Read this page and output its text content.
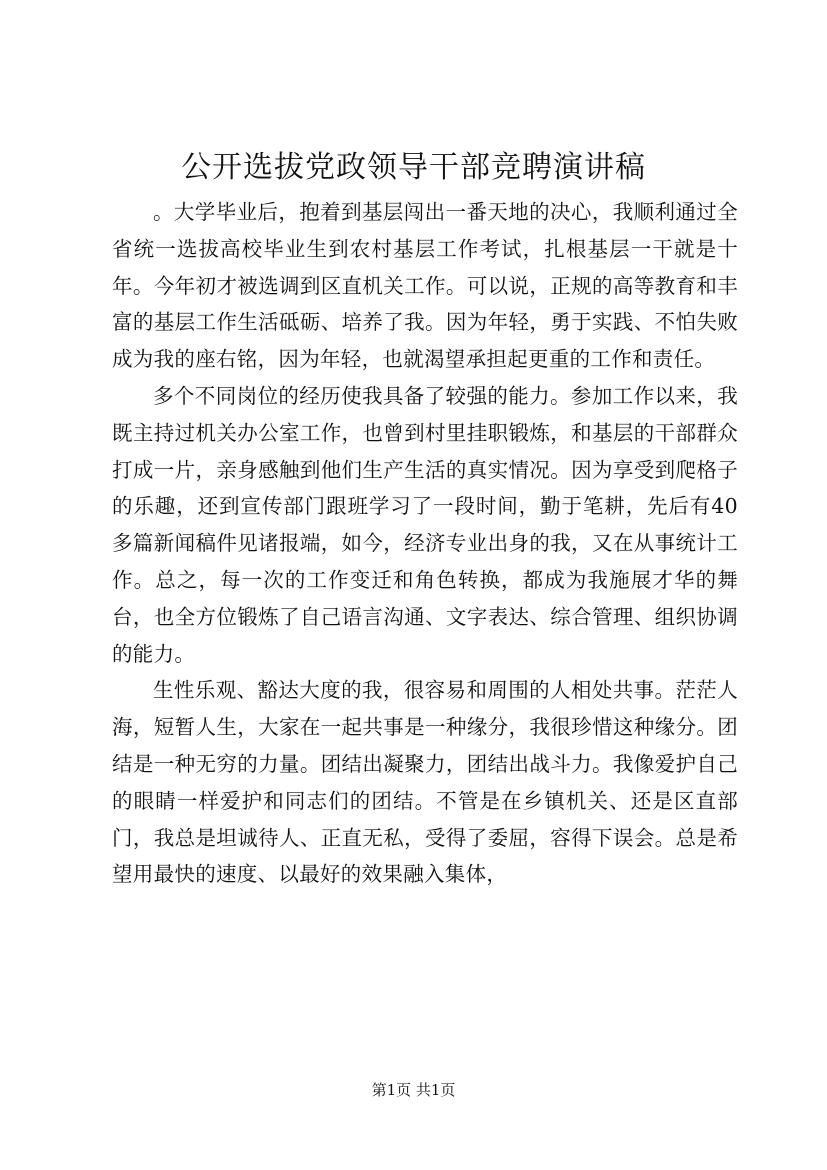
公开选拔党政领导干部竞聘演讲稿

。大学毕业后，抱着到基层闯出一番天地的决心，我顺利通过全省统一选拔高校毕业生到农村基层工作考试，扎根基层一干就是十年。今年初才被选调到区直机关工作。可以说，正规的高等教育和丰富的基层工作生活砥砺、培养了我。因为年轻，勇于实践、不怕失败成为我的座右铭，因为年轻，也就渴望承担起更重的工作和责任。

多个不同岗位的经历使我具备了较强的能力。参加工作以来，我既主持过机关办公室工作，也曾到村里挂职锻炼，和基层的干部群众打成一片，亲身感触到他们生产生活的真实情况。因为享受到爬格子的乐趣，还到宣传部门跟班学习了一段时间，勤于笔耕，先后有40多篇新闻稿件见诸报端，如今，经济专业出身的我，又在从事统计工作。总之，每一次的工作变迁和角色转换，都成为我施展才华的舞台，也全方位锻炼了自己语言沟通、文字表达、综合管理、组织协调的能力。

生性乐观、豁达大度的我，很容易和周围的人相处共事。茫茫人海，短暂人生，大家在一起共事是一种缘分，我很珍惜这种缘分。团结是一种无穷的力量。团结出凝聚力，团结出战斗力。我像爱护自己的眼睛一样爱护和同志们的团结。不管是在乡镇机关、还是区直部门，我总是坦诚待人、正直无私，受得了委屈，容得下误会。总是希望用最快的速度、以最好的效果融入集体，

第1页 共1页
